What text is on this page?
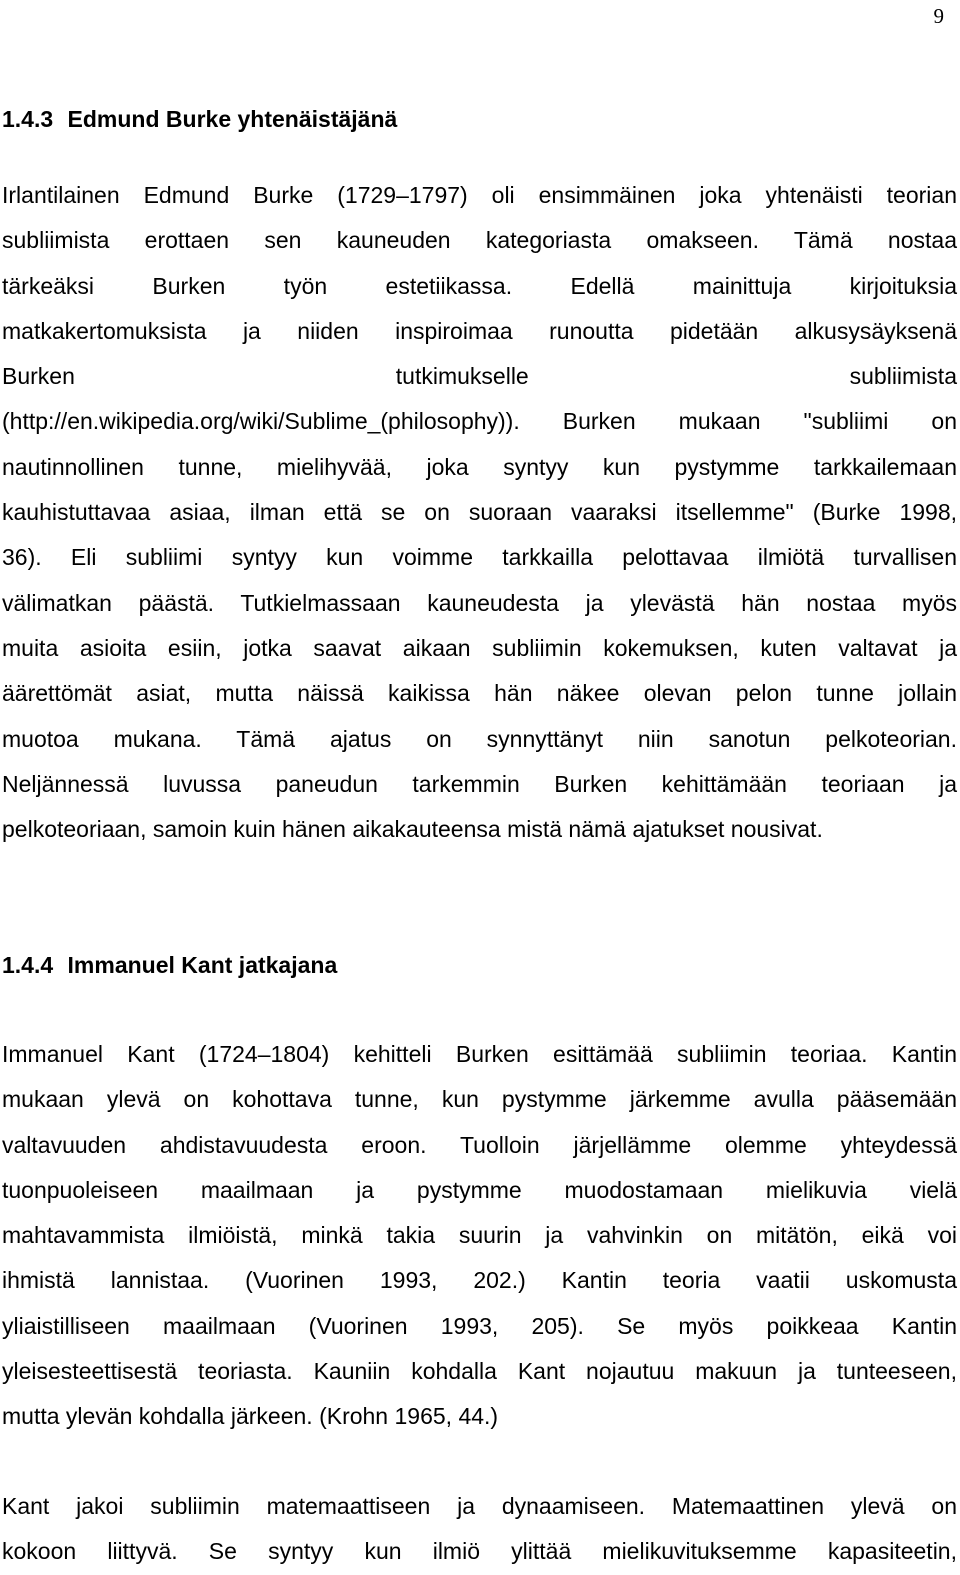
9
1.4.3 Edmund Burke yhtenäistäjänä
Irlantilainen Edmund Burke (1729–1797) oli ensimmäinen joka yhtenäisti teorian
subliimista erottaen sen kauneuden kategoriasta omakseen. Tämä nostaa
tärkeäksi Burken työn estetiikassa. Edellä mainittuja kirjoituksia
matkakertomuksista ja niiden inspiroimaa runoutta pidetään alkusysäyksenä
Burken	tutkimukselle	subliimista
(http://en.wikipedia.org/wiki/Sublime_(philosophy)). Burken mukaan "subliimi on
nautinnollinen tunne, mielihyvää, joka syntyy kun pystymme tarkkailemaan
kauhistuttavaa asiaa, ilman että se on suoraan vaaraksi itsellemme" (Burke 1998,
36). Eli subliimi syntyy kun voimme tarkkailla pelottavaa ilmiötä turvallisen
välimatkan päästä. Tutkielmassaan kauneudesta ja ylevästä hän nostaa myös
muita asioita esiin, jotka saavat aikaan subliimin kokemuksen, kuten valtavat ja
äärettömät asiat, mutta näissä kaikissa hän näkee olevan pelon tunne jollain
muotoa mukana. Tämä ajatus on synnyttänyt niin sanotun pelkoteorian.
Neljännessä luvussa paneudun tarkemmin Burken kehittämään teoriaan ja
pelkoteoriaan, samoin kuin hänen aikakauteensa mistä nämä ajatukset nousivat.
1.4.4 Immanuel Kant jatkajana
Immanuel Kant (1724–1804) kehitteli Burken esittämää subliimin teoriaa. Kantin
mukaan ylevä on kohottava tunne, kun pystymme järkemme avulla pääsemään
valtavuuden ahdistavuudesta eroon. Tuolloin järjellämme olemme yhteydessä
tuonpuoleiseen maailmaan ja pystymme muodostamaan mielikuvia vielä
mahtavammista ilmiöistä, minkä takia suurin ja vahvinkin on mitätön, eikä voi
ihmistä lannistaa. (Vuorinen 1993, 202.) Kantin teoria vaatii uskomusta
yliaistilliseen maailmaan (Vuorinen 1993, 205). Se myös poikkeaa Kantin
yleisesteettisestä teoriasta. Kauniin kohdalla Kant nojautuu makuun ja tunteeseen,
mutta ylevän kohdalla järkeen. (Krohn 1965, 44.)
Kant jakoi subliimin matemaattiseen ja dynaamiseen. Matemaattinen ylevä on
kokoon liittyvä. Se syntyy kun ilmiö ylittää mielikuvituksemme kapasiteetin,
